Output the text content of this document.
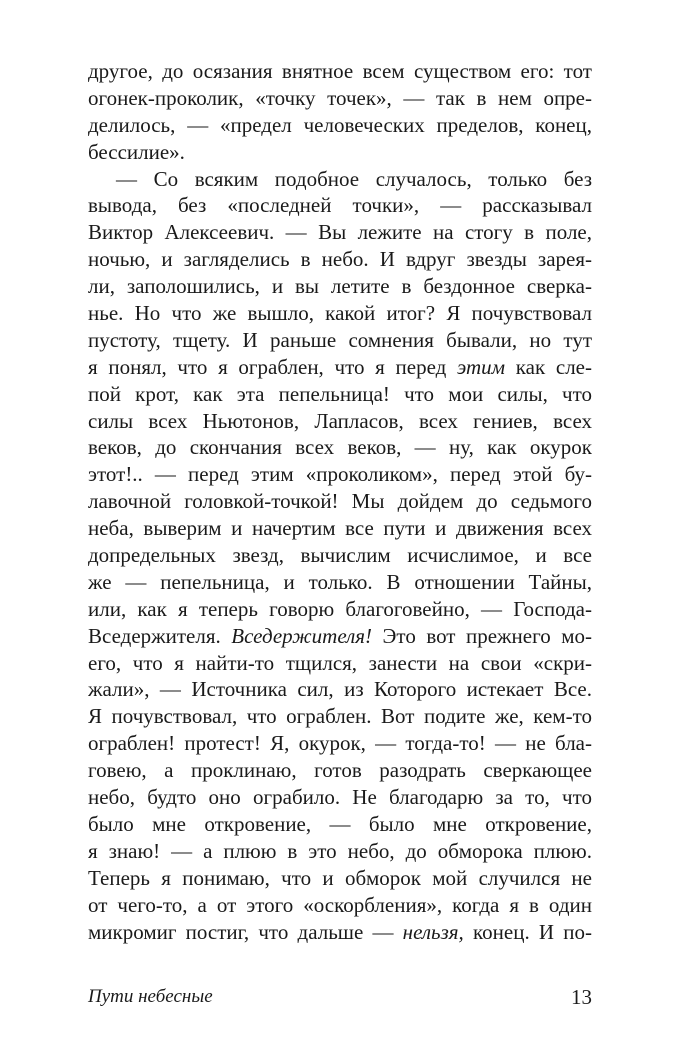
другое, до осязания внятное всем существом его: тот
огонек-проколик, «точку точек», — так в нем опре-
делилось, — «предел человеческих пределов, конец,
бессилие».
— Со всяким подобное случалось, только без
вывода, без «последней точки», — рассказывал
Виктор Алексеевич. — Вы лежите на стогу в поле,
ночью, и загляделись в небо. И вдруг звезды зарея-
ли, заполошились, и вы летите в бездонное сверка-
нье. Но что же вышло, какой итог? Я почувствовал
пустоту, тщету. И раньше сомнения бывали, но тут
я понял, что я ограблен, что я перед этим как сле-
пой крот, как эта пепельница! что мои силы, что
силы всех Ньютонов, Лапласов, всех гениев, всех
веков, до скончания всех веков, — ну, как окурок
этот!.. — перед этим «проколиком», перед этой бу-
лавочной головкой-точкой! Мы дойдем до седьмого
неба, выверим и начертим все пути и движения всех
допредельных звезд, вычислим исчислимое, и все
же — пепельница, и только. В отношении Тайны,
или, как я теперь говорю благоговейно, — Господа-
Вседержителя. Вседержителя! Это вот прежнего мо-
его, что я найти-то тщился, занести на свои «скри-
жали», — Источника сил, из Которого истекает Все.
Я почувствовал, что ограблен. Вот подите же, кем-то
ограблен! протест! Я, окурок, — тогда-то! — не бла-
говею, а проклинаю, готов разодрать сверкающее
небо, будто оно ограбило. Не благодарю за то, что
было мне откровение, — было мне откровение,
я знаю! — а плюю в это небо, до обморока плюю.
Теперь я понимаю, что и обморок мой случился не
от чего-то, а от этого «оскорбления», когда я в один
микромиг постиг, что дальше — нельзя, конец. И по-
Пути небесные	13
